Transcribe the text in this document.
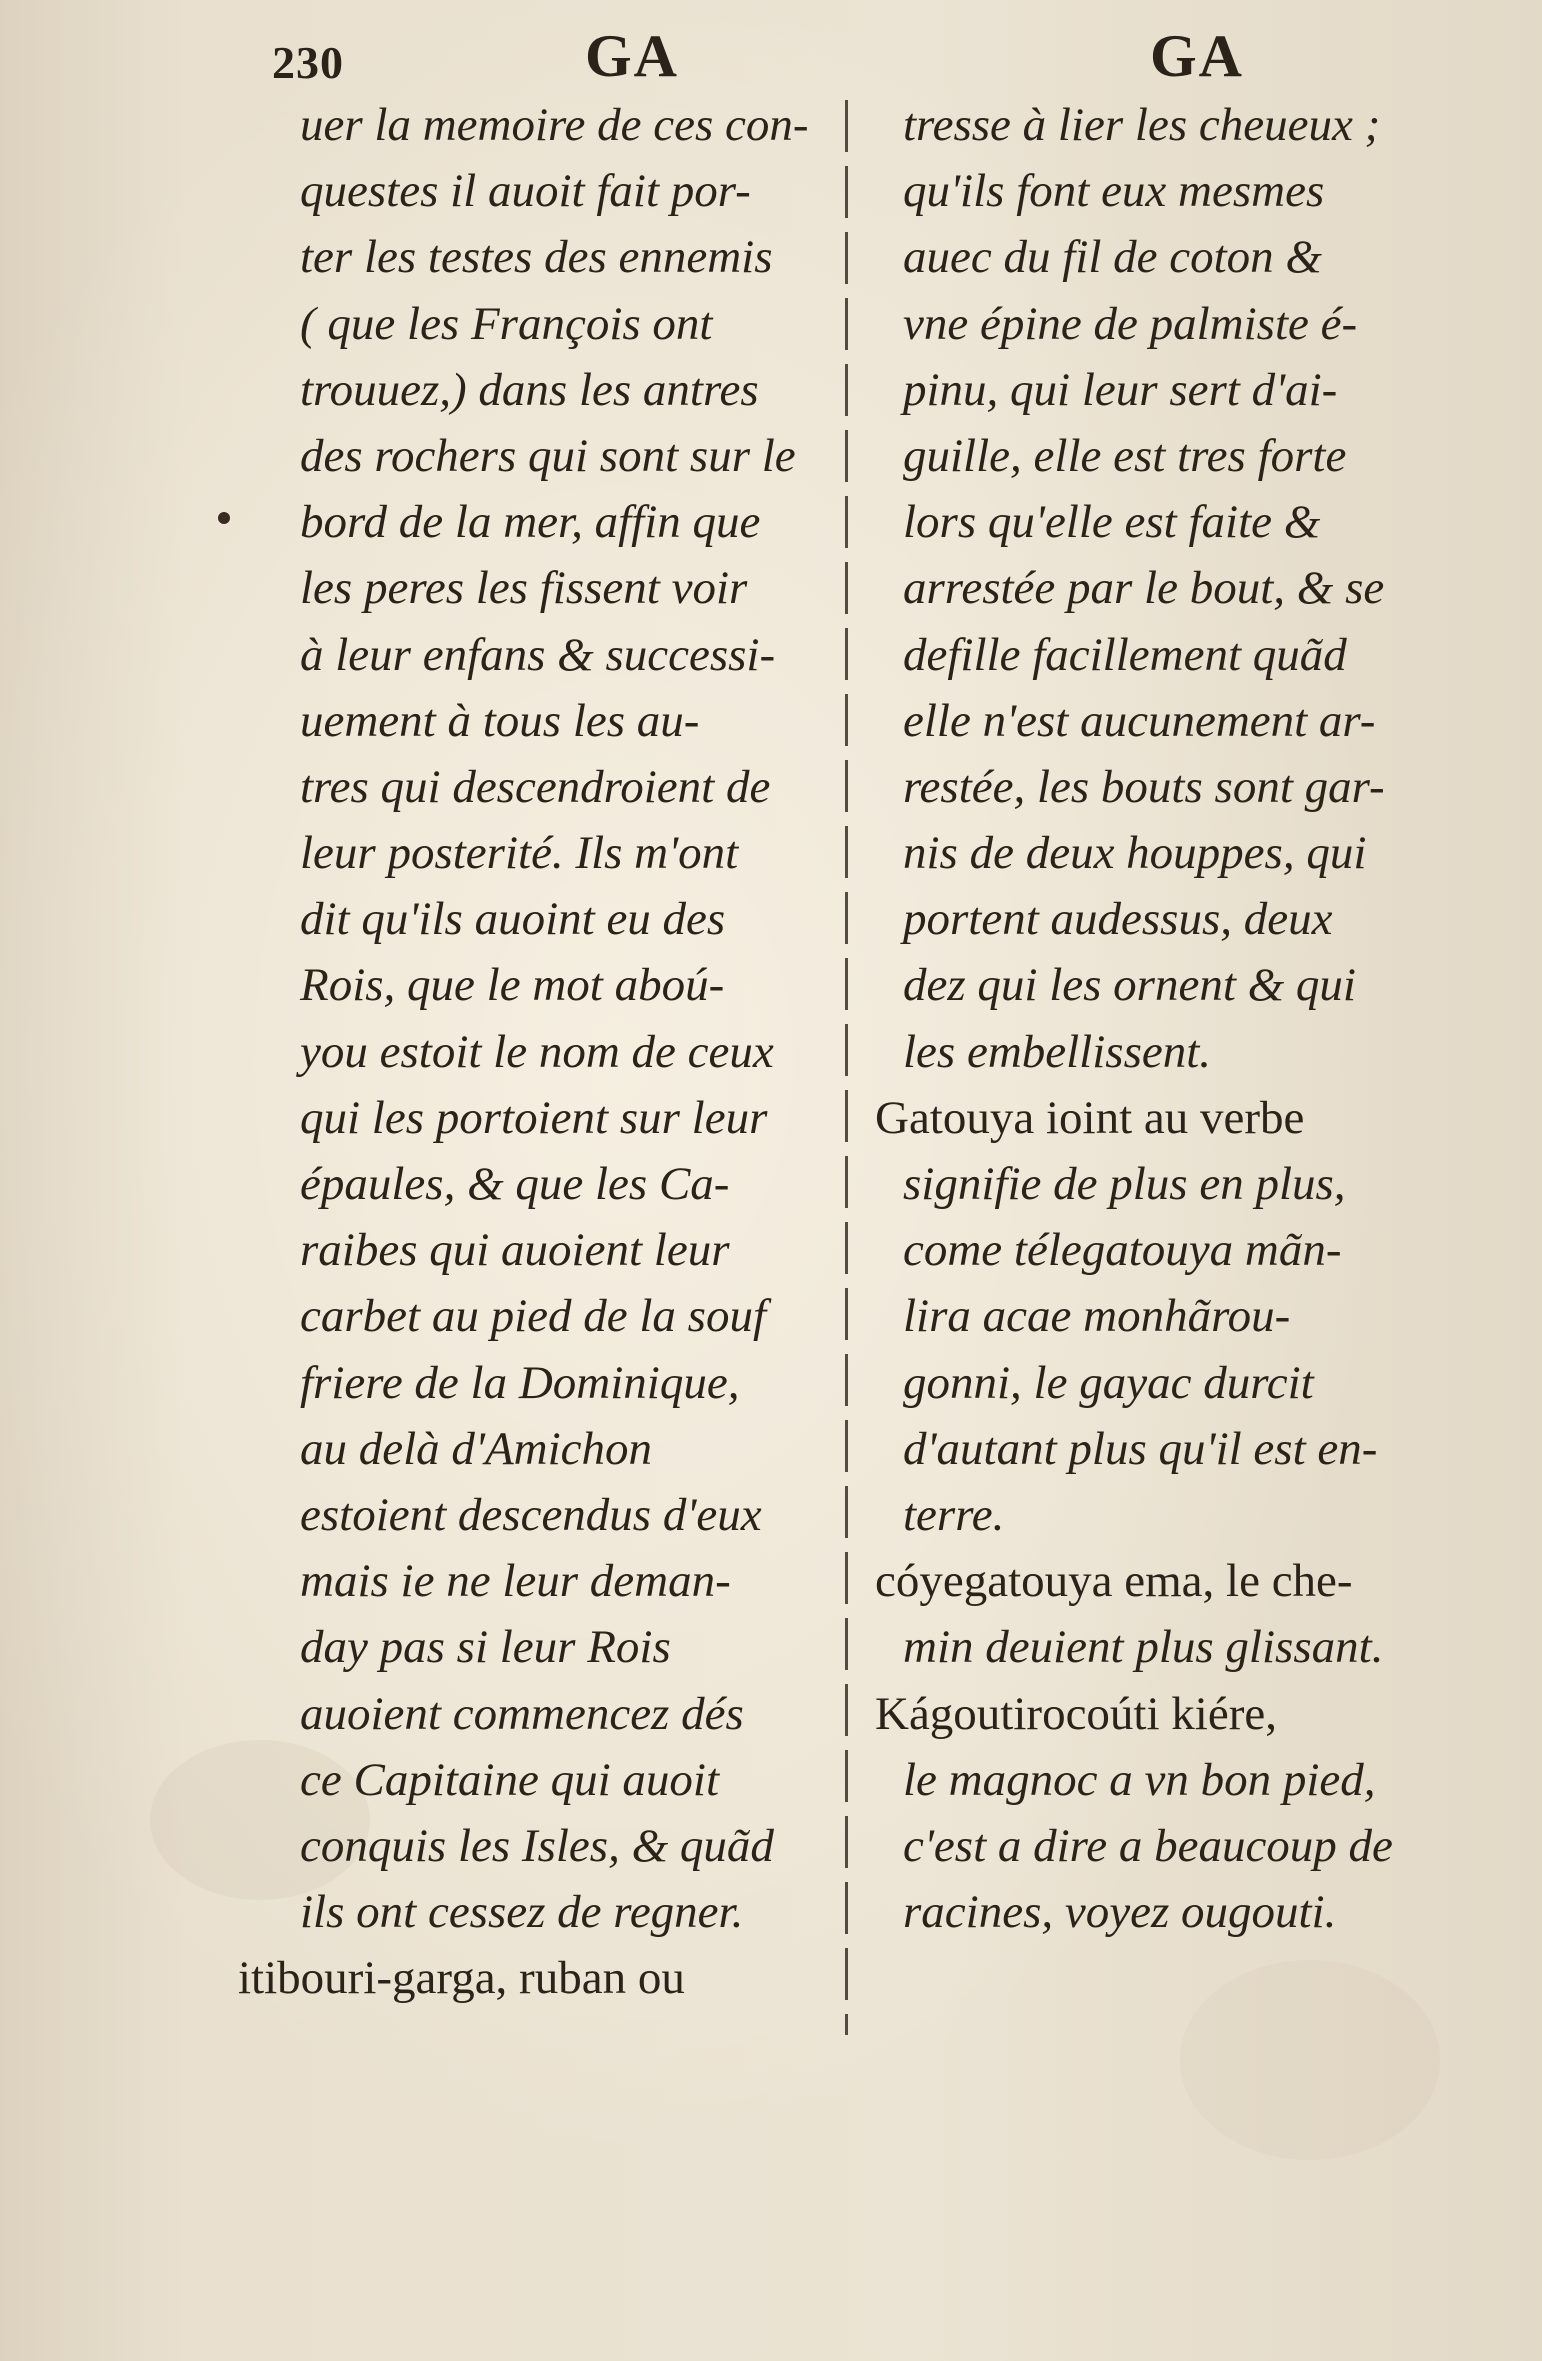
230	GA	GA
uer la memoire de ces con-
questes il auoit fait por-
ter les testes des ennemis
( que les François ont
trouuez,) dans les antres
des rochers qui sont sur le
bord de la mer, affin que
les peres les fissent voir
à leur enfans & successi-
uement à tous les au-
tres qui descendroient de
leur posterité. Ils m'ont
dit qu'ils auoint eu des
Rois, que le mot aboú-
you estoit le nom de ceux
qui les portoient sur leur
épaules, & que les Ca-
raibes qui auoient leur
carbet au pied de la souf
friere de la Dominique,
au delà d'Amichon
estoient descendus d'eux
mais ie ne leur deman-
day pas si leur Rois
auoient commencez dés
ce Capitaine qui auoit
conquis les Isles, & quãd
ils ont cessez de regner.
itibouri-garga, ruban ou
tresse à lier les cheueux ;
qu'ils font eux mesmes
auec du fil de coton &
vne épine de palmiste é-
pinu, qui leur sert d'ai-
guille, elle est tres forte
lors qu'elle est faite &
arrestée par le bout, & se
defille facillement quãd
elle n'est aucunement ar-
restée, les bouts sont gar-
nis de deux houppes, qui
portent audessus, deux
dez qui les ornent & qui
les embellissent.
Gatouya ioint au verbe
signifie de plus en plus,
come télegatouya mãn-
lira acae monhãrou-
gonni, le gayac durcit
d'autant plus qu'il est en-
terre.
cóyegatouya ema, le che-
min deuient plus glissant.
Kágoutirocoúti kiére,
le magnoc a vn bon pied,
c'est a dire a beaucoup de
racines, voyez ougouti.
